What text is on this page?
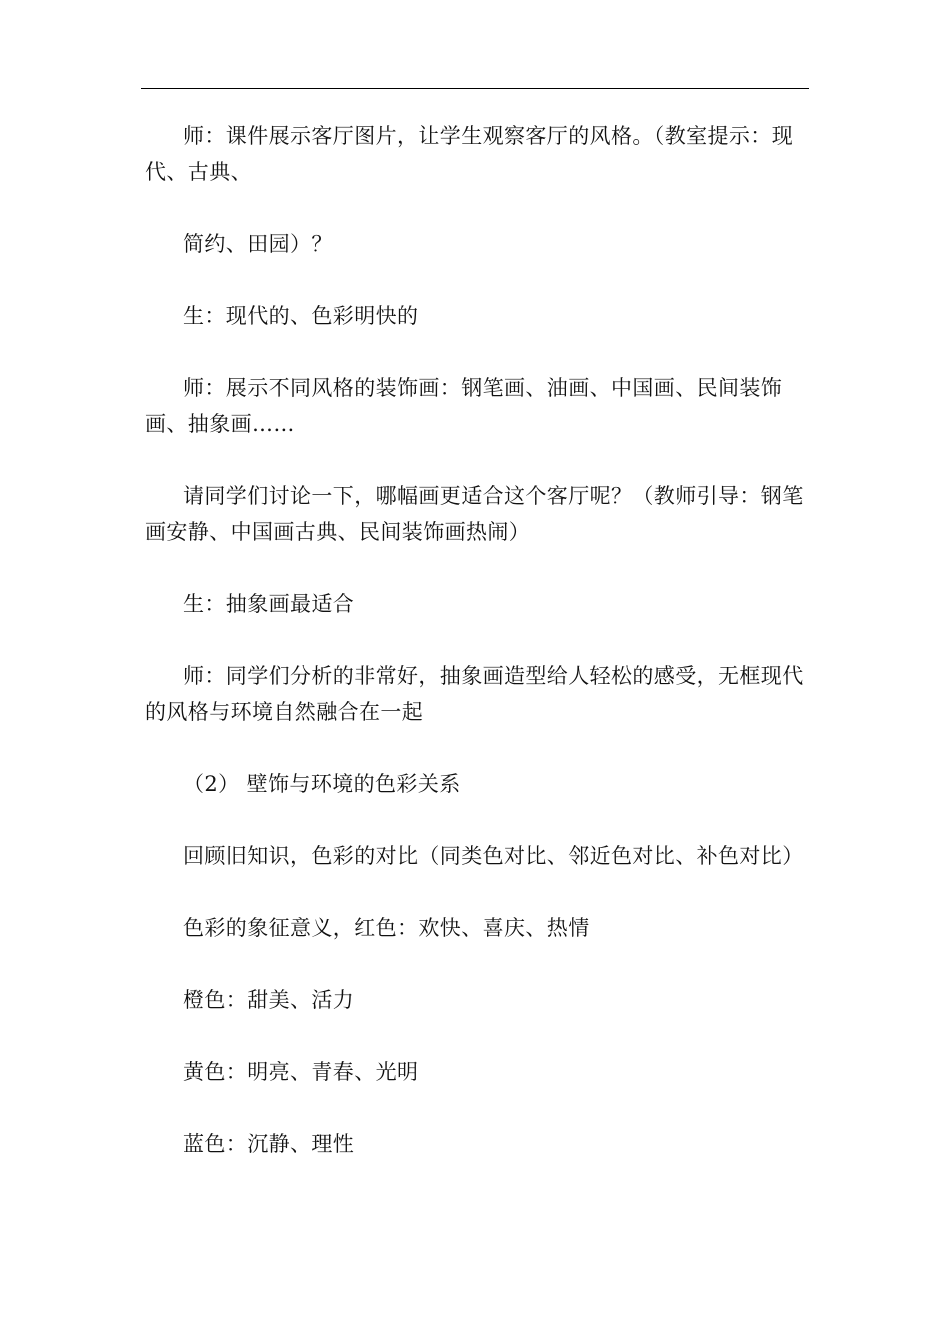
师：课件展示客厅图片，让学生观察客厅的风格。（教室提示：现代、古典、

简约、田园）？

生：现代的、色彩明快的

师：展示不同风格的装饰画：钢笔画、油画、中国画、民间装饰画、抽象画……

请同学们讨论一下，哪幅画更适合这个客厅呢？（教师引导：钢笔画安静、中国画古典、民间装饰画热闹）

生：抽象画最适合

师：同学们分析的非常好，抽象画造型给人轻松的感受，无框现代的风格与环境自然融合在一起

（2） 壁饰与环境的色彩关系

回顾旧知识，色彩的对比（同类色对比、邻近色对比、补色对比）

色彩的象征意义，红色：欢快、喜庆、热情

橙色：甜美、活力

黄色：明亮、青春、光明

蓝色：沉静、理性
